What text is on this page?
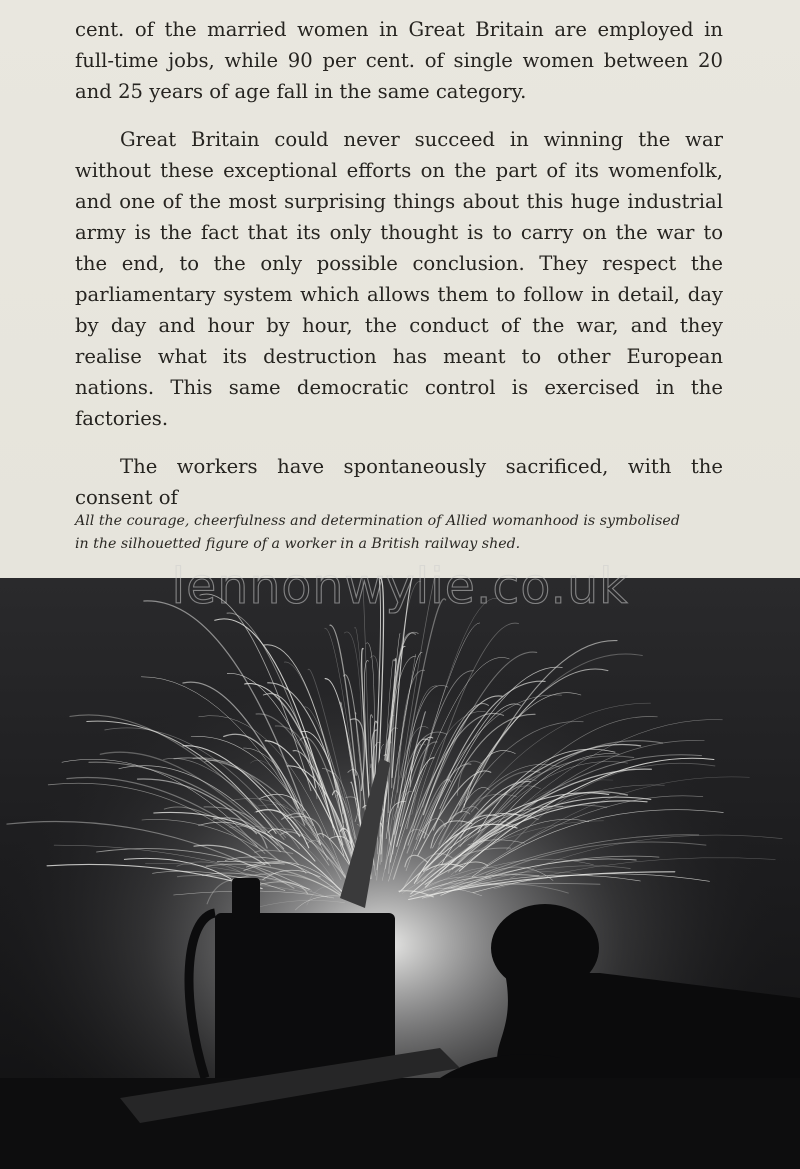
cent. of the married women in Great Britain are employed in full-time jobs, while 90 per cent. of single women between 20 and 25 years of age fall in the same category.

Great Britain could never succeed in winning the war without these exceptional efforts on the part of its womenfolk, and one of the most surprising things about this huge industrial army is the fact that its only thought is to carry on the war to the end, to the only possible conclusion. They respect the parliamentary system which allows them to follow in detail, day by day and hour by hour, the conduct of the war, and they realise what its destruction has meant to other European nations. This same democratic control is exercised in the factories.

The workers have spontaneously sacrificed, with the consent of

All the courage, cheerfulness and determination of Allied womanhood is symbolised
in the silhouetted figure of a worker in a British railway shed.
